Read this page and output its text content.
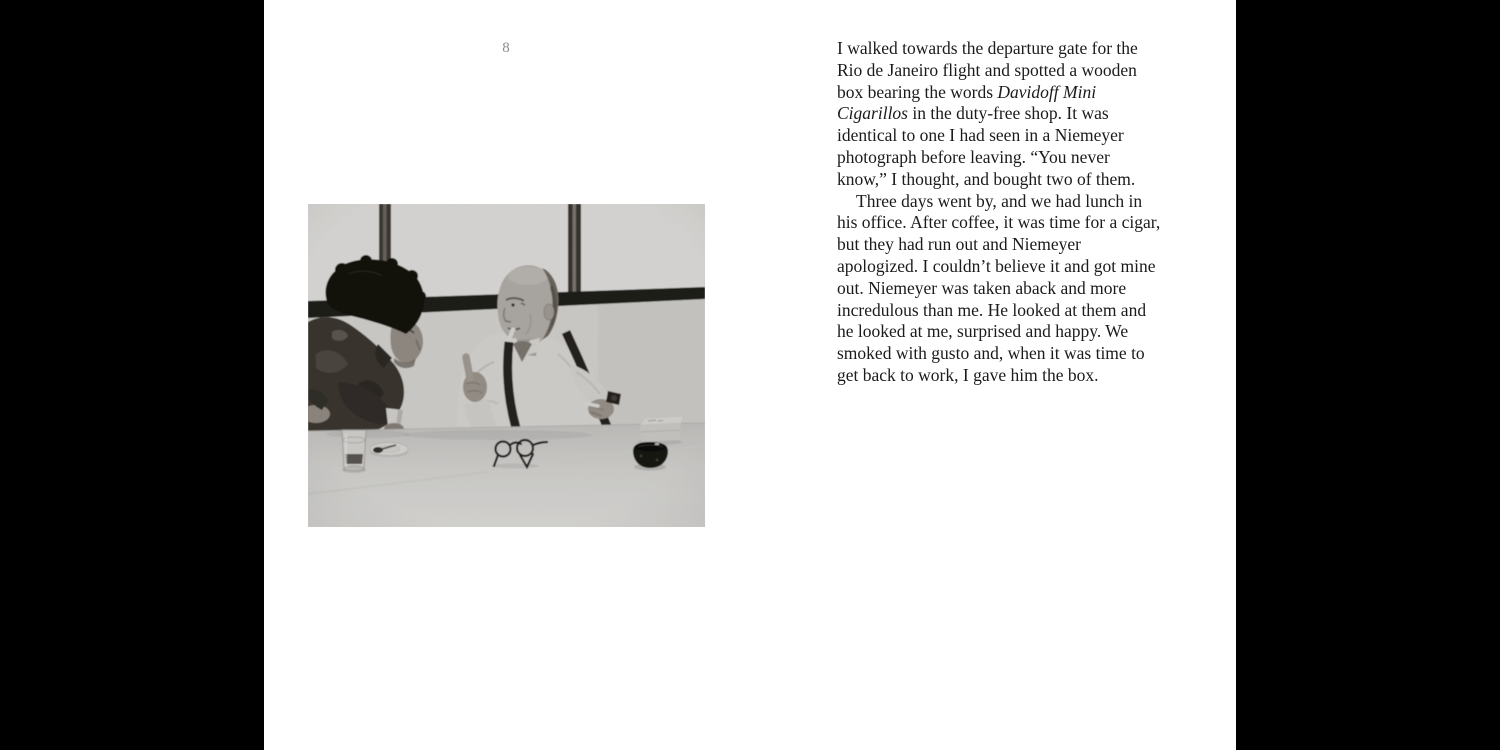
8	I walked towards the departure gate for the Rio de Janeiro flight and spotted a wooden box bearing the words Davidoff Mini Cigarillos in the duty-free shop. It was identical to one I had seen in a Niemeyer photograph before leaving. “You never know,” I thought, and bought two of them.

Three days went by, and we had lunch in his office. After coffee, it was time for a cigar, but they had run out and Niemeyer apologized. I couldn’t believe it and got mine out. Niemeyer was taken aback and more incredulous than me. He looked at them and he looked at me, surprised and happy. We smoked with gusto and, when it was time to get back to work, I gave him the box.
